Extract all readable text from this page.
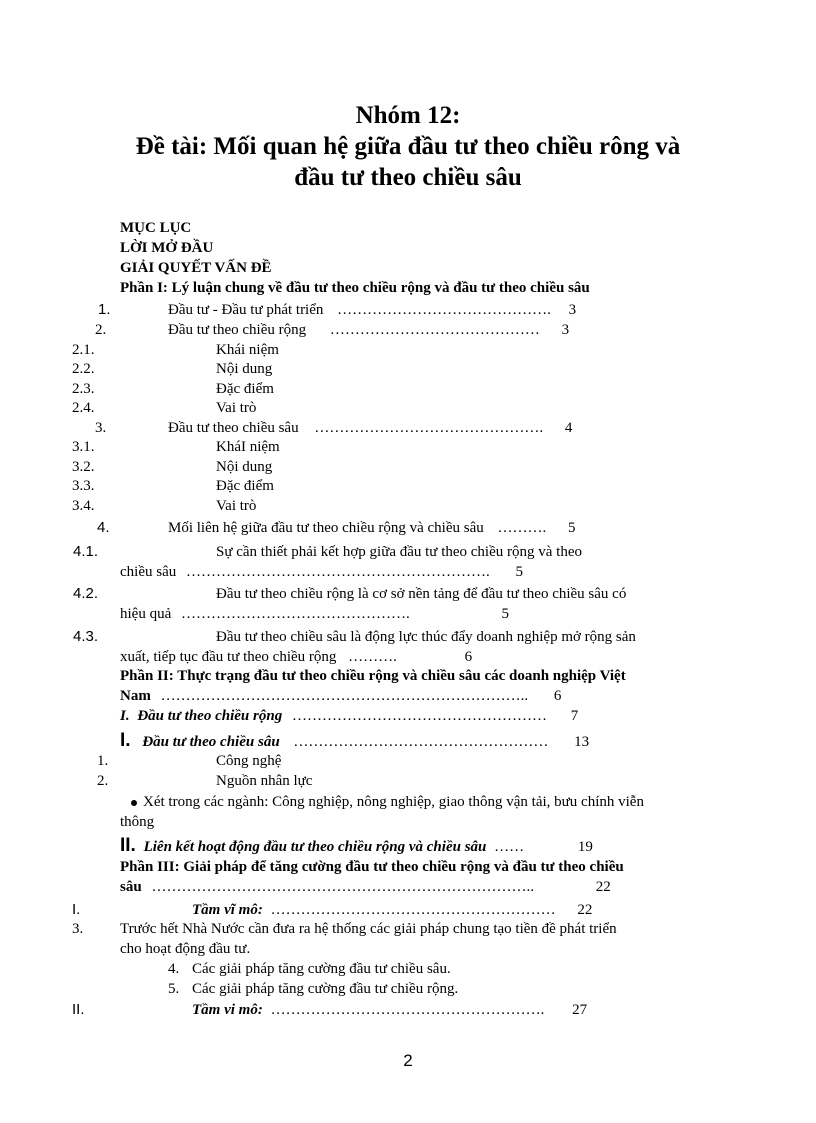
Nhóm 12:
Đề tài: Mối quan hệ giữa đầu tư theo chiều rông và
đầu tư theo chiều sâu
MỤC LỤC
LỜI MỞ ĐẦU
GIẢI QUYẾT VẤN ĐỀ
Phần I: Lý luận chung về đầu tư theo chiều rộng và đầu tư theo chiều sâu
1.	Đầu tư - Đầu tư phát triển ……………………………………. 3
2.	Đầu tư theo chiều rộng …………………………………… 3
2.1.	Khái niệm
2.2.	Nội dung
2.3.	Đặc điểm
2.4.	Vai trò
3.	Đầu tư theo chiều sâu ………………………………………. 4
3.1.	KháI niệm
3.2.	Nội dung
3.3.	Đặc điểm
3.4.	Vai trò
4.	Mối liên hệ giữa đầu tư theo chiều rộng và chiều sâu ………. 5
4.1.	Sự cần thiết phải kết hợp giữa đầu tư theo chiều rộng và theo
chiều sâu ……………………………………………………. 5
4.2.	Đầu tư theo chiều rộng là cơ sở nền tảng để đầu tư theo chiều sâu có
hiệu quả ……………………………………….	5
4.3.	Đầu tư theo chiều sâu là động lực thúc đẩy doanh nghiệp mở rộng sản
xuất, tiếp tục đầu tư theo chiều rộng ……….	6
Phần II: Thực trạng đầu tư theo chiều rộng và chiều sâu các doanh nghiệp Việt
Nam ……………………………………………………………….. 6
I. Đầu tư theo chiều rộng …………………………………………… 7
I. Đầu tư theo chiều sâu …………………………………………… 13
1.	Công nghệ
2.	Nguồn nhân lực
Xét trong các ngành: Công nghiệp, nông nghiệp, giao thông vận tải, bưu chính viễn
thông
II. Liên kết hoạt động đầu tư theo chiều rộng và chiều sâu ……	19
Phần III: Giải pháp để tăng cường đầu tư theo chiều rộng và đầu tư theo chiều
sâu …………………………………………………………………..	22
I.	Tầm vĩ mô: ………………………………………………… 22
3. Trước hết Nhà Nước cần đưa ra hệ thống các giải pháp chung tạo tiền đề phát triển
cho hoạt động đầu tư.
4. Các giải pháp tăng cường đầu tư chiều sâu.
5. Các giải pháp tăng cường đầu tư chiều rộng.
II.	Tầm vi mô: ………………………………………………. 27
2
